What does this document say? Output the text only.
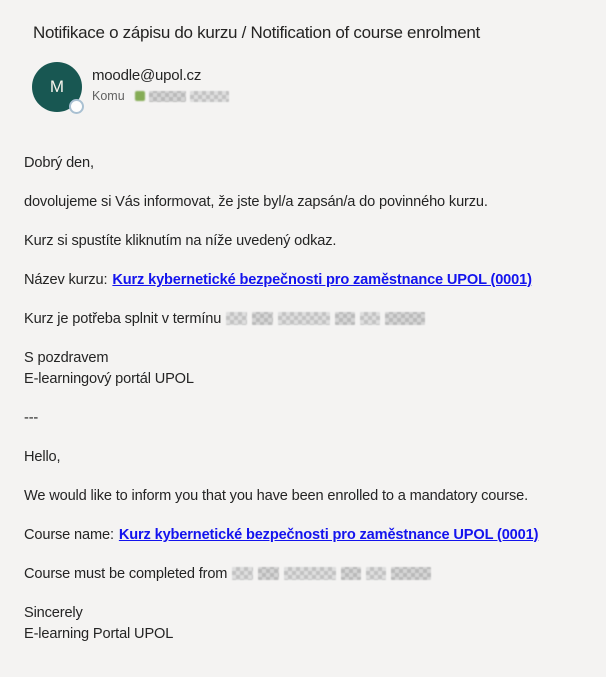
Notifikace o zápisu do kurzu / Notification of course enrolment
M
moodle@upol.cz
Komu

Dobrý den,

dovolujeme si Vás informovat, že jste byl/a zapsán/a do povinného kurzu.

Kurz si spustíte kliknutím na níže uvedený odkaz.

Název kurzu: Kurz kybernetické bezpečnosti pro zaměstnance UPOL (0001)

Kurz je potřeba splnit v termínu

S pozdravem
E-learningový portál UPOL

---

Hello,

We would like to inform you that you have been enrolled to a mandatory course.

Course name: Kurz kybernetické bezpečnosti pro zaměstnance UPOL (0001)

Course must be completed from

Sincerely
E-learning Portal UPOL
